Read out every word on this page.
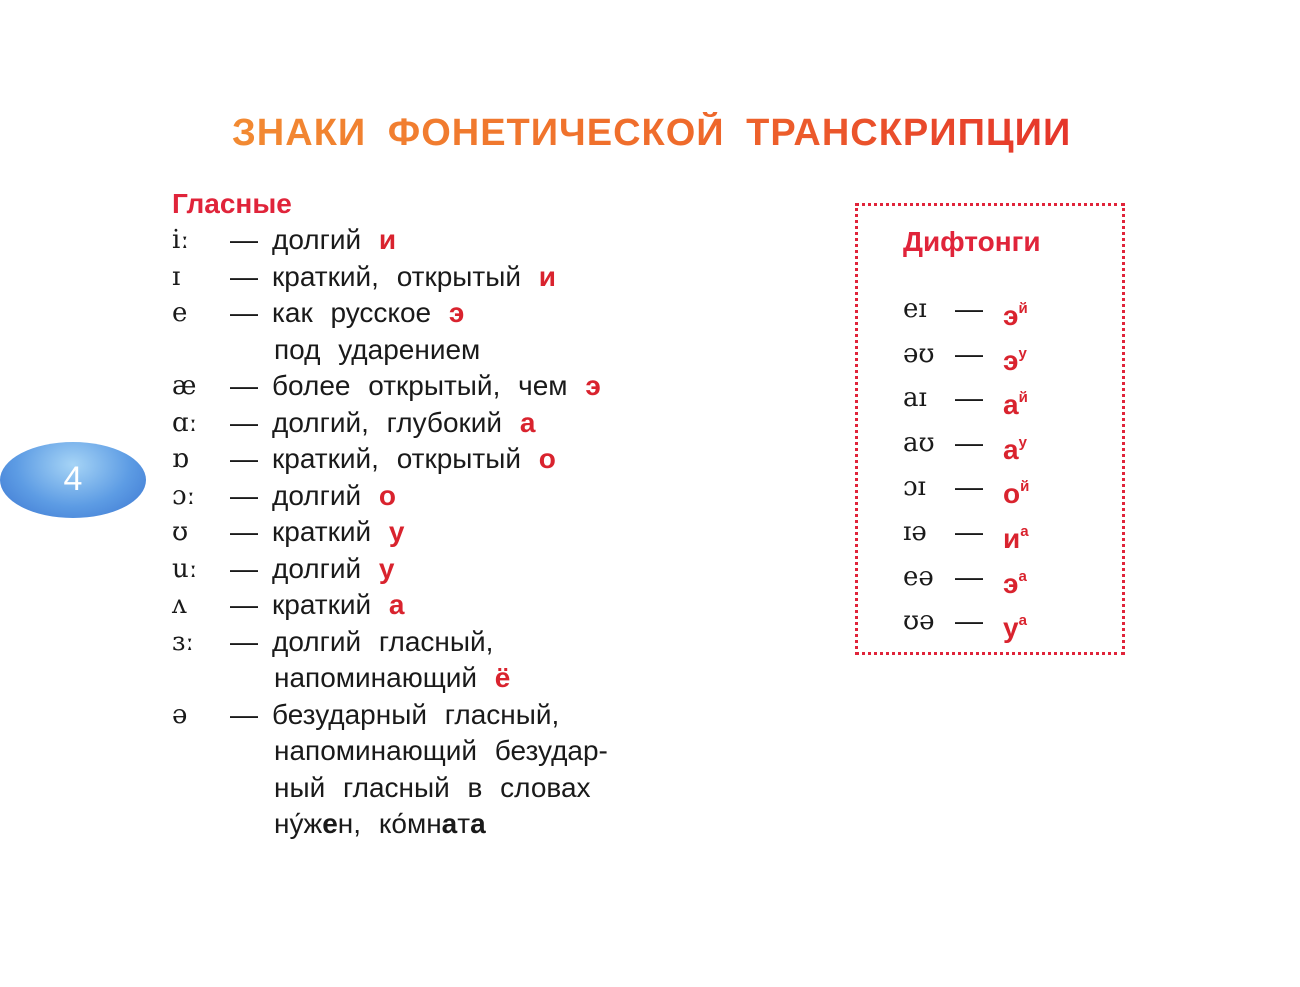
ЗНАКИ ФОНЕТИЧЕСКОЙ ТРАНСКРИПЦИИ
4
Гласные
iː — долгий и
ɪ — краткий, открытый и
e — как русское э
под ударением
æ — более открытый, чем э
ɑː — долгий, глубокий а
ɒ — краткий, открытый о
ɔː — долгий о
ʊ — краткий у
uː — долгий у
ʌ — краткий а
ɜː — долгий гласный,
напоминающий ё
ə — безударный гласный,
напоминающий безудар-
ный гласный в словах
ну́жен, ко́мната
Дифтонги
eɪ — $э^й$
əʊ — $э^у$
aɪ — $а^й$
aʊ — $а^у$
ɔɪ — $о^й$
ɪə — $и^а$
eə — $э^а$
ʊə — $у^а$
